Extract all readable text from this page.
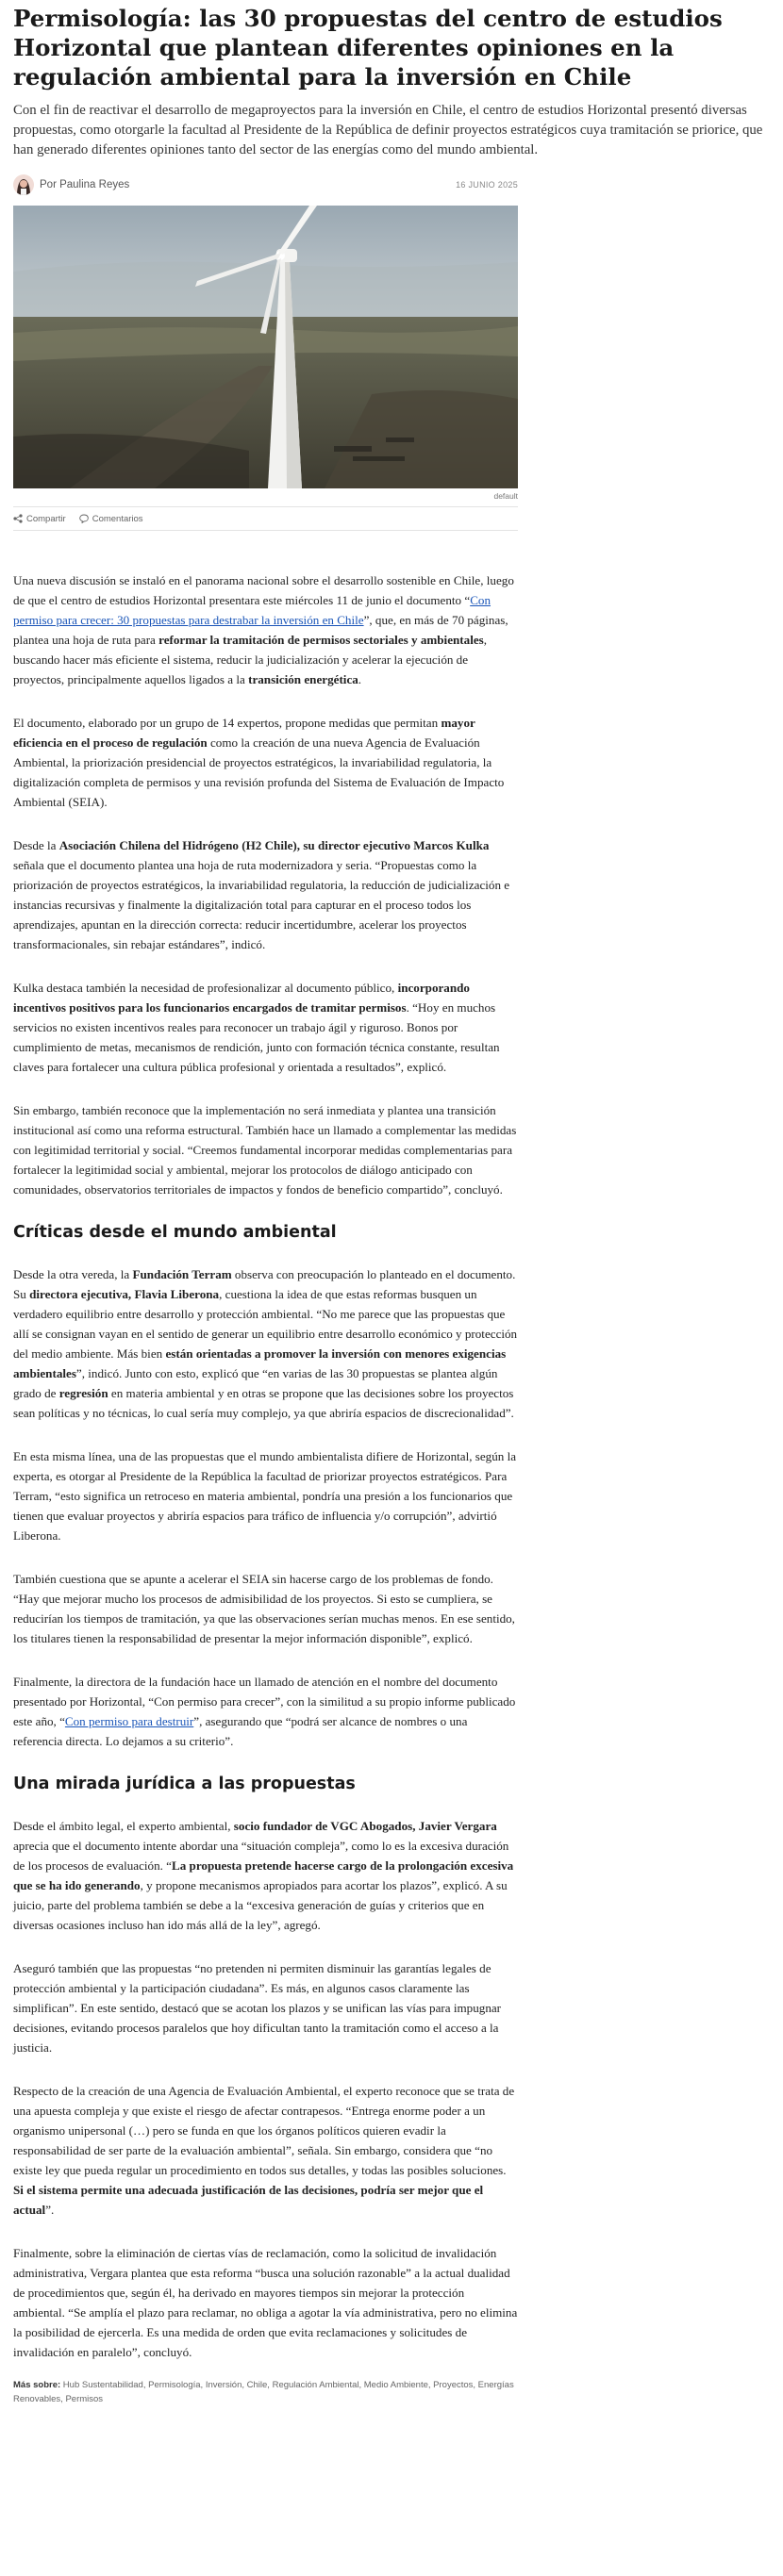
Permisología: las 30 propuestas del centro de estudios Horizontal que plantean diferentes opiniones en la regulación ambiental para la inversión en Chile

Con el fin de reactivar el desarrollo de megaproyectos para la inversión en Chile, el centro de estudios Horizontal presentó diversas propuestas, como otorgarle la facultad al Presidente de la República de definir proyectos estratégicos cuya tramitación se priorice, que han generado diferentes opiniones tanto del sector de las energías como del mundo ambiental.

Por Paulina Reyes	16 JUNIO 2025
default
Compartir	Comentarios

Una nueva discusión se instaló en el panorama nacional sobre el desarrollo sostenible en Chile, luego de que el centro de estudios Horizontal presentara este miércoles 11 de junio el documento “Con permiso para crecer: 30 propuestas para destrabar la inversión en Chile”, que, en más de 70 páginas, plantea una hoja de ruta para reformar la tramitación de permisos sectoriales y ambientales, buscando hacer más eficiente el sistema, reducir la judicialización y acelerar la ejecución de proyectos, principalmente aquellos ligados a la transición energética.

El documento, elaborado por un grupo de 14 expertos, propone medidas que permitan mayor eficiencia en el proceso de regulación como la creación de una nueva Agencia de Evaluación Ambiental, la priorización presidencial de proyectos estratégicos, la invariabilidad regulatoria, la digitalización completa de permisos y una revisión profunda del Sistema de Evaluación de Impacto Ambiental (SEIA).

Desde la Asociación Chilena del Hidrógeno (H2 Chile), su director ejecutivo Marcos Kulka señala que el documento plantea una hoja de ruta modernizadora y seria. “Propuestas como la priorización de proyectos estratégicos, la invariabilidad regulatoria, la reducción de judicialización e instancias recursivas y finalmente la digitalización total para capturar en el proceso todos los aprendizajes, apuntan en la dirección correcta: reducir incertidumbre, acelerar los proyectos transformacionales, sin rebajar estándares”, indicó.

Kulka destaca también la necesidad de profesionalizar al documento público, incorporando incentivos positivos para los funcionarios encargados de tramitar permisos. “Hoy en muchos servicios no existen incentivos reales para reconocer un trabajo ágil y riguroso. Bonos por cumplimiento de metas, mecanismos de rendición, junto con formación técnica constante, resultan claves para fortalecer una cultura pública profesional y orientada a resultados”, explicó.

Sin embargo, también reconoce que la implementación no será inmediata y plantea una transición institucional así como una reforma estructural. También hace un llamado a complementar las medidas con legitimidad territorial y social. “Creemos fundamental incorporar medidas complementarias para fortalecer la legitimidad social y ambiental, mejorar los protocolos de diálogo anticipado con comunidades, observatorios territoriales de impactos y fondos de beneficio compartido”, concluyó.

Críticas desde el mundo ambiental

Desde la otra vereda, la Fundación Terram observa con preocupación lo planteado en el documento. Su directora ejecutiva, Flavia Liberona, cuestiona la idea de que estas reformas busquen un verdadero equilibrio entre desarrollo y protección ambiental. “No me parece que las propuestas que allí se consignan vayan en el sentido de generar un equilibrio entre desarrollo económico y protección del medio ambiente. Más bien están orientadas a promover la inversión con menores exigencias ambientales”, indicó. Junto con esto, explicó que “en varias de las 30 propuestas se plantea algún grado de regresión en materia ambiental y en otras se propone que las decisiones sobre los proyectos sean políticas y no técnicas, lo cual sería muy complejo, ya que abriría espacios de discrecionalidad”.

En esta misma línea, una de las propuestas que el mundo ambientalista difiere de Horizontal, según la experta, es otorgar al Presidente de la República la facultad de priorizar proyectos estratégicos. Para Terram, “esto significa un retroceso en materia ambiental, pondría una presión a los funcionarios que tienen que evaluar proyectos y abriría espacios para tráfico de influencia y/o corrupción”, advirtió Liberona.

También cuestiona que se apunte a acelerar el SEIA sin hacerse cargo de los problemas de fondo. “Hay que mejorar mucho los procesos de admisibilidad de los proyectos. Si esto se cumpliera, se reducirían los tiempos de tramitación, ya que las observaciones serían muchas menos. En ese sentido, los titulares tienen la responsabilidad de presentar la mejor información disponible”, explicó.

Finalmente, la directora de la fundación hace un llamado de atención en el nombre del documento presentado por Horizontal, “Con permiso para crecer”, con la similitud a su propio informe publicado este año, “Con permiso para destruir”, asegurando que “podrá ser alcance de nombres o una referencia directa. Lo dejamos a su criterio”.

Una mirada jurídica a las propuestas

Desde el ámbito legal, el experto ambiental, socio fundador de VGC Abogados, Javier Vergara aprecia que el documento intente abordar una “situación compleja”, como lo es la excesiva duración de los procesos de evaluación. “La propuesta pretende hacerse cargo de la prolongación excesiva que se ha ido generando, y propone mecanismos apropiados para acortar los plazos”, explicó. A su juicio, parte del problema también se debe a la “excesiva generación de guías y criterios que en diversas ocasiones incluso han ido más allá de la ley”, agregó.

Aseguró también que las propuestas “no pretenden ni permiten disminuir las garantías legales de protección ambiental y la participación ciudadana”. Es más, en algunos casos claramente las simplifican”. En este sentido, destacó que se acotan los plazos y se unifican las vías para impugnar decisiones, evitando procesos paralelos que hoy dificultan tanto la tramitación como el acceso a la justicia.

Respecto de la creación de una Agencia de Evaluación Ambiental, el experto reconoce que se trata de una apuesta compleja y que existe el riesgo de afectar contrapesos. “Entrega enorme poder a un organismo unipersonal (…) pero se funda en que los órganos políticos quieren evadir la responsabilidad de ser parte de la evaluación ambiental”, señala. Sin embargo, considera que “no existe ley que pueda regular un procedimiento en todos sus detalles, y todas las posibles soluciones. Si el sistema permite una adecuada justificación de las decisiones, podría ser mejor que el actual”.

Finalmente, sobre la eliminación de ciertas vías de reclamación, como la solicitud de invalidación administrativa, Vergara plantea que esta reforma “busca una solución razonable” a la actual dualidad de procedimientos que, según él, ha derivado en mayores tiempos sin mejorar la protección ambiental. “Se amplía el plazo para reclamar, no obliga a agotar la vía administrativa, pero no elimina la posibilidad de ejercerla. Es una medida de orden que evita reclamaciones y solicitudes de invalidación en paralelo”, concluyó.

Más sobre: Hub Sustentabilidad, Permisología, Inversión, Chile, Regulación Ambiental, Medio Ambiente, Proyectos, Energías Renovables, Permisos
